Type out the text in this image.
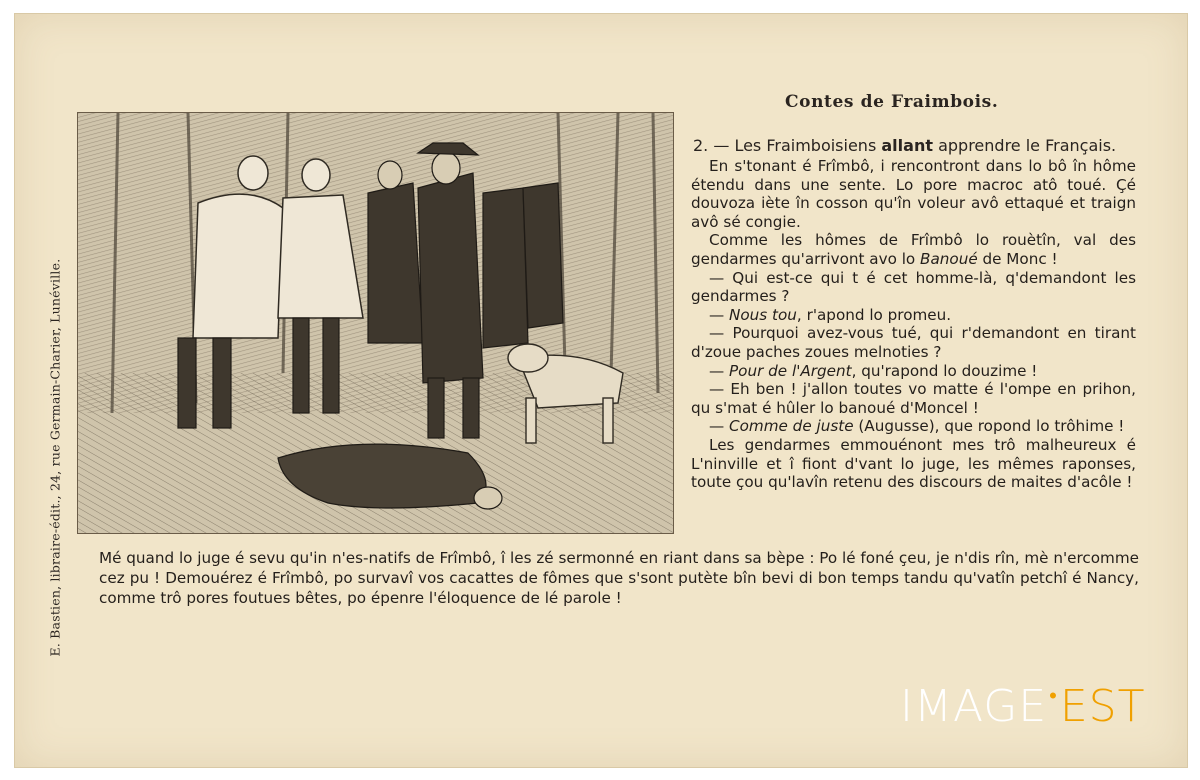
E. Bastien, libraire-édit., 24, rue Germain-Charier, Lunéville.
Contes de Fraimbois.
2. — Les Fraimboisiens allant apprendre le Français.

En s'tonant é Frîmbô, i rencontront dans lo bô în hôme étendu dans une sente. Lo pore macroc atô toué. Çé douvoza iète în cosson qu'în voleur avô ettaqué et traign avô sé congie.

Comme les hômes de Frîmbô lo rouètîn, val des gendarmes qu'arrivont avo lo Banoué de Monc !

— Qui est-ce qui t é cet homme-là, q'demandont les gendarmes ?

— Nous tou, r'apond lo promeu.

— Pourquoi avez-vous tué, qui r'demandont en tirant d'zoue paches zoues melnoties ?

— Pour de l'Argent, qu'rapond lo douzime !

— Eh ben ! j'allon toutes vo matte é l'ompe en prihon, qu s'mat é hûler lo banoué d'Moncel !

— Comme de juste (Augusse), que ropond lo trôhime !

Les gendarmes emmouénont mes trô malheureux é L'ninville et î fiont d'vant lo juge, les mêmes raponses, toute çou qu'lavîn retenu des discours de maites d'acôle !

Mé quand lo juge é sevu qu'in n'es-natifs de Frîmbô, î les zé sermonné en riant dans sa bèpe : Po lé foné çeu, je n'dis rîn, mè n'ercomme cez pu ! Demouérez é Frîmbô, po survavî vos cacattes de fômes que s'sont putète bîn bevi di bon temps tandu qu'vatîn petchî é Nancy, comme trô pores foutues bêtes, po épenre l'éloquence de lé parole !
IMAGE•EST
